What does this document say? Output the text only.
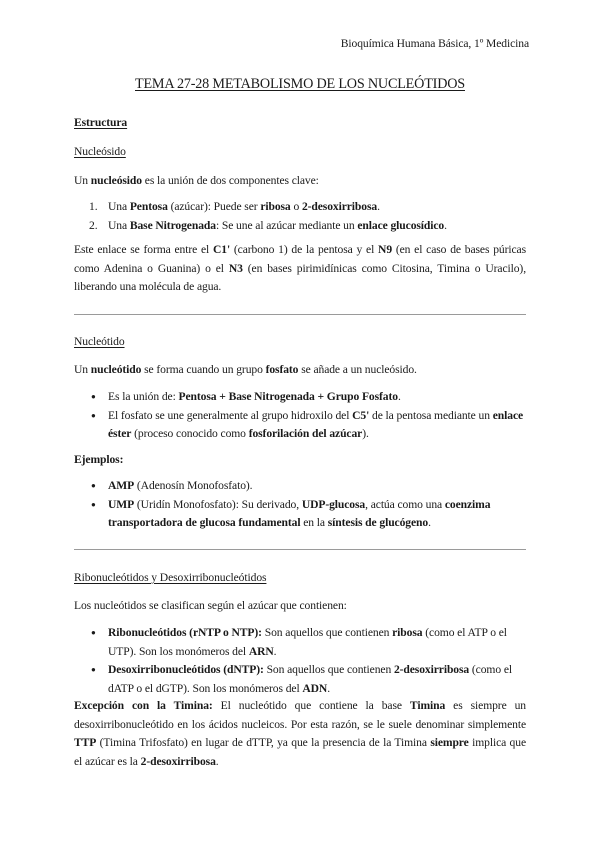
Bioquímica Humana Básica, 1º Medicina
TEMA 27-28 METABOLISMO DE LOS NUCLEÓTIDOS
Estructura
Nucleósido
Un nucleósido es la unión de dos componentes clave:
1. Una Pentosa (azúcar): Puede ser ribosa o 2-desoxirribosa.
2. Una Base Nitrogenada: Se une al azúcar mediante un enlace glucosídico.
Este enlace se forma entre el C1' (carbono 1) de la pentosa y el N9 (en el caso de bases púricas como Adenina o Guanina) o el N3 (en bases pirimidínicas como Citosina, Timina o Uracilo), liberando una molécula de agua.
Nucleótido
Un nucleótido se forma cuando un grupo fosfato se añade a un nucleósido.
●	Es la unión de: Pentosa + Base Nitrogenada + Grupo Fosfato.
●	El fosfato se une generalmente al grupo hidroxilo del C5' de la pentosa mediante un enlace éster (proceso conocido como fosforilación del azúcar).
Ejemplos:
●	AMP (Adenosín Monofosfato).
●	UMP (Uridín Monofosfato): Su derivado, UDP-glucosa, actúa como una coenzima transportadora de glucosa fundamental en la síntesis de glucógeno.
Ribonucleótidos y Desoxirribonucleótidos
Los nucleótidos se clasifican según el azúcar que contienen:
●	Ribonucleótidos (rNTP o NTP): Son aquellos que contienen ribosa (como el ATP o el UTP). Son los monómeros del ARN.
●	Desoxirribonucleótidos (dNTP): Son aquellos que contienen 2-desoxirribosa (como el dATP o el dGTP). Son los monómeros del ADN.
Excepción con la Timina: El nucleótido que contiene la base Timina es siempre un desoxirribonucleótido en los ácidos nucleicos. Por esta razón, se le suele denominar simplemente TTP (Timina Trifosfato) en lugar de dTTP, ya que la presencia de la Timina siempre implica que el azúcar es la 2-desoxirribosa.
